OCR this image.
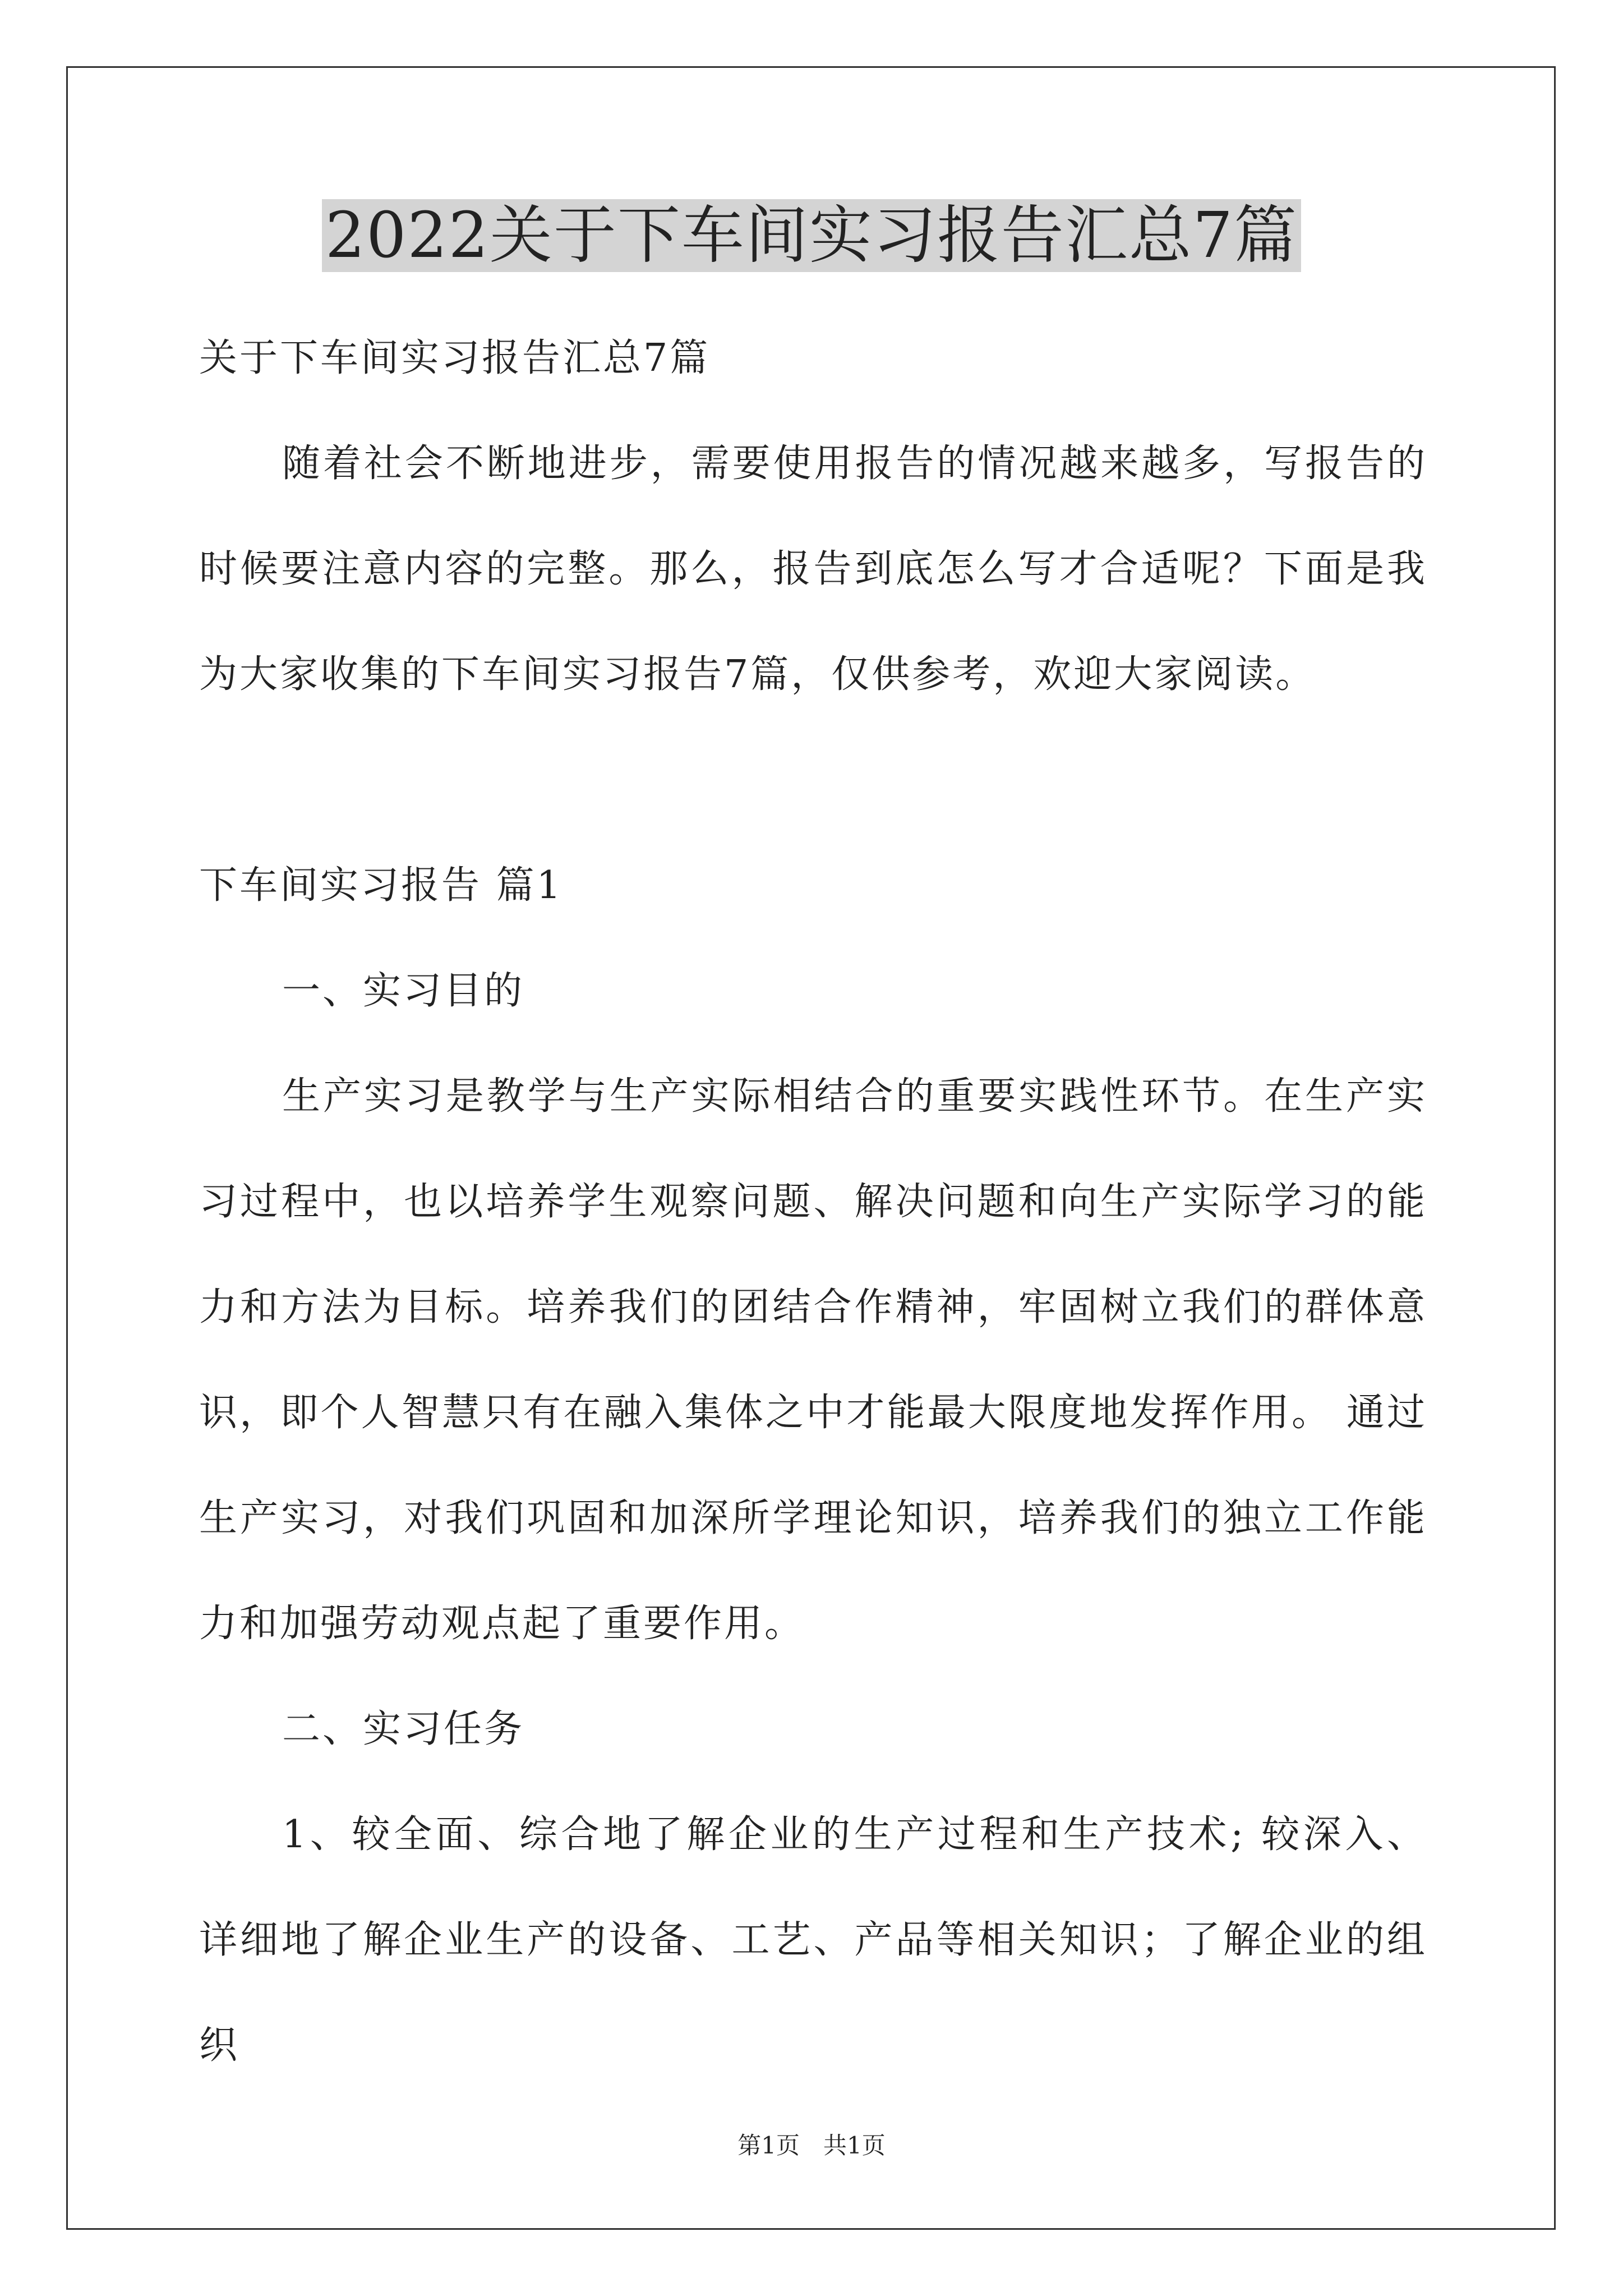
2022关于下车间实习报告汇总7篇

关于下车间实习报告汇总7篇

随着社会不断地进步，需要使用报告的情况越来越多，写报告的时候要注意内容的完整。那么，报告到底怎么写才合适呢？下面是我为大家收集的下车间实习报告7篇，仅供参考，欢迎大家阅读。

下车间实习报告 篇1

一、实习目的

生产实习是教学与生产实际相结合的重要实践性环节。在生产实习过程中，也以培养学生观察问题、解决问题和向生产实际学习的能力和方法为目标。培养我们的团结合作精神，牢固树立我们的群体意识，即个人智慧只有在融入集体之中才能最大限度地发挥作用。 通过生产实习，对我们巩固和加深所学理论知识，培养我们的独立工作能力和加强劳动观点起了重要作用。

二、实习任务

1、较全面、综合地了解企业的生产过程和生产技术; 较深入、详细地了解企业生产的设备、工艺、产品等相关知识；了解企业的组织

第1页　共1页
